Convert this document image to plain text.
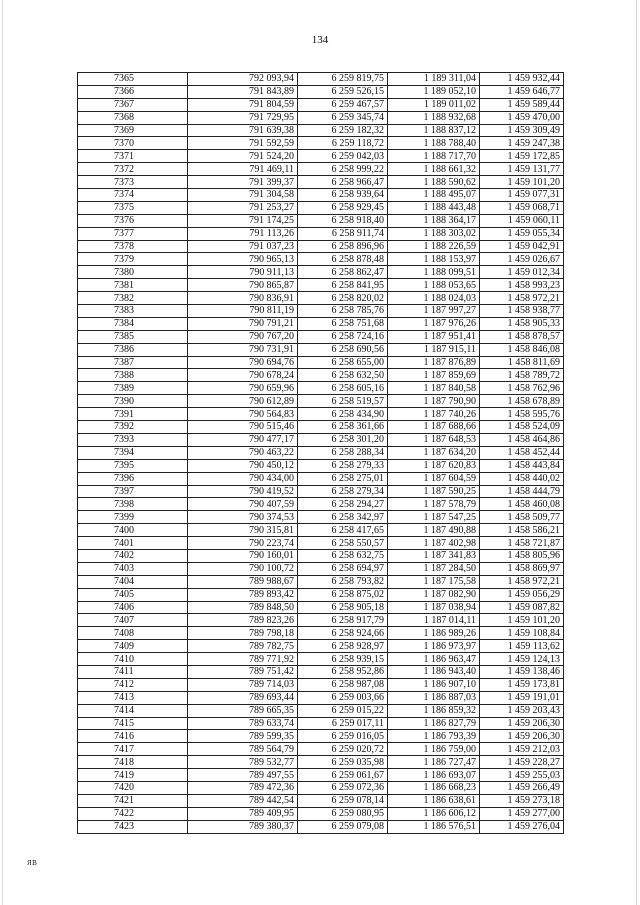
134
7365	792 093,94	6 259 819,75	1 189 311,04	1 459 932,44
7366	791 843,89	6 259 526,15	1 189 052,10	1 459 646,77
7367	791 804,59	6 259 467,57	1 189 011,02	1 459 589,44
7368	791 729,95	6 259 345,74	1 188 932,68	1 459 470,00
7369	791 639,38	6 259 182,32	1 188 837,12	1 459 309,49
7370	791 592,59	6 259 118,72	1 188 788,40	1 459 247,38
7371	791 524,20	6 259 042,03	1 188 717,70	1 459 172,85
7372	791 469,11	6 258 999,22	1 188 661,32	1 459 131,77
7373	791 399,37	6 258 966,47	1 188 590,62	1 459 101,20
7374	791 304,58	6 258 939,64	1 188 495,07	1 459 077,31
7375	791 253,27	6 258 929,45	1 188 443,48	1 459 068,71
7376	791 174,25	6 258 918,40	1 188 364,17	1 459 060,11
7377	791 113,26	6 258 911,74	1 188 303,02	1 459 055,34
7378	791 037,23	6 258 896,96	1 188 226,59	1 459 042,91
7379	790 965,13	6 258 878,48	1 188 153,97	1 459 026,67
7380	790 911,13	6 258 862,47	1 188 099,51	1 459 012,34
7381	790 865,87	6 258 841,95	1 188 053,65	1 458 993,23
7382	790 836,91	6 258 820,02	1 188 024,03	1 458 972,21
7383	790 811,19	6 258 785,76	1 187 997,27	1 458 938,77
7384	790 791,21	6 258 751,68	1 187 976,26	1 458 905,33
7385	790 767,20	6 258 724,16	1 187 951,41	1 458 878,57
7386	790 731,91	6 258 690,56	1 187 915,11	1 458 846,08
7387	790 694,76	6 258 655,00	1 187 876,89	1 458 811,69
7388	790 678,24	6 258 632,50	1 187 859,69	1 458 789,72
7389	790 659,96	6 258 605,16	1 187 840,58	1 458 762,96
7390	790 612,89	6 258 519,57	1 187 790,90	1 458 678,89
7391	790 564,83	6 258 434,90	1 187 740,26	1 458 595,76
7392	790 515,46	6 258 361,66	1 187 688,66	1 458 524,09
7393	790 477,17	6 258 301,20	1 187 648,53	1 458 464,86
7394	790 463,22	6 258 288,34	1 187 634,20	1 458 452,44
7395	790 450,12	6 258 279,33	1 187 620,83	1 458 443,84
7396	790 434,00	6 258 275,01	1 187 604,59	1 458 440,02
7397	790 419,52	6 258 279,34	1 187 590,25	1 458 444,79
7398	790 407,59	6 258 294,27	1 187 578,79	1 458 460,08
7399	790 374,53	6 258 342,97	1 187 547,25	1 458 509,77
7400	790 315,81	6 258 417,65	1 187 490,88	1 458 586,21
7401	790 223,74	6 258 550,57	1 187 402,98	1 458 721,87
7402	790 160,01	6 258 632,75	1 187 341,83	1 458 805,96
7403	790 100,72	6 258 694,97	1 187 284,50	1 458 869,97
7404	789 988,67	6 258 793,82	1 187 175,58	1 458 972,21
7405	789 893,42	6 258 875,02	1 187 082,90	1 459 056,29
7406	789 848,50	6 258 905,18	1 187 038,94	1 459 087,82
7407	789 823,26	6 258 917,79	1 187 014,11	1 459 101,20
7408	789 798,18	6 258 924,66	1 186 989,26	1 459 108,84
7409	789 782,75	6 258 928,97	1 186 973,97	1 459 113,62
7410	789 771,92	6 258 939,15	1 186 963,47	1 459 124,13
7411	789 751,42	6 258 952,86	1 186 943,40	1 459 138,46
7412	789 714,03	6 258 987,08	1 186 907,10	1 459 173,81
7413	789 693,44	6 259 003,66	1 186 887,03	1 459 191,01
7414	789 665,35	6 259 015,22	1 186 859,32	1 459 203,43
7415	789 633,74	6 259 017,11	1 186 827,79	1 459 206,30
7416	789 599,35	6 259 016,05	1 186 793,39	1 459 206,30
7417	789 564,79	6 259 020,72	1 186 759,00	1 459 212,03
7418	789 532,77	6 259 035,98	1 186 727,47	1 459 228,27
7419	789 497,55	6 259 061,67	1 186 693,07	1 459 255,03
7420	789 472,36	6 259 072,36	1 186 668,23	1 459 266,49
7421	789 442,54	6 259 078,14	1 186 638,61	1 459 273,18
7422	789 409,95	6 259 080,95	1 186 606,12	1 459 277,00
7423	789 380,37	6 259 079,08	1 186 576,51	1 459 276,04
ЯВ
